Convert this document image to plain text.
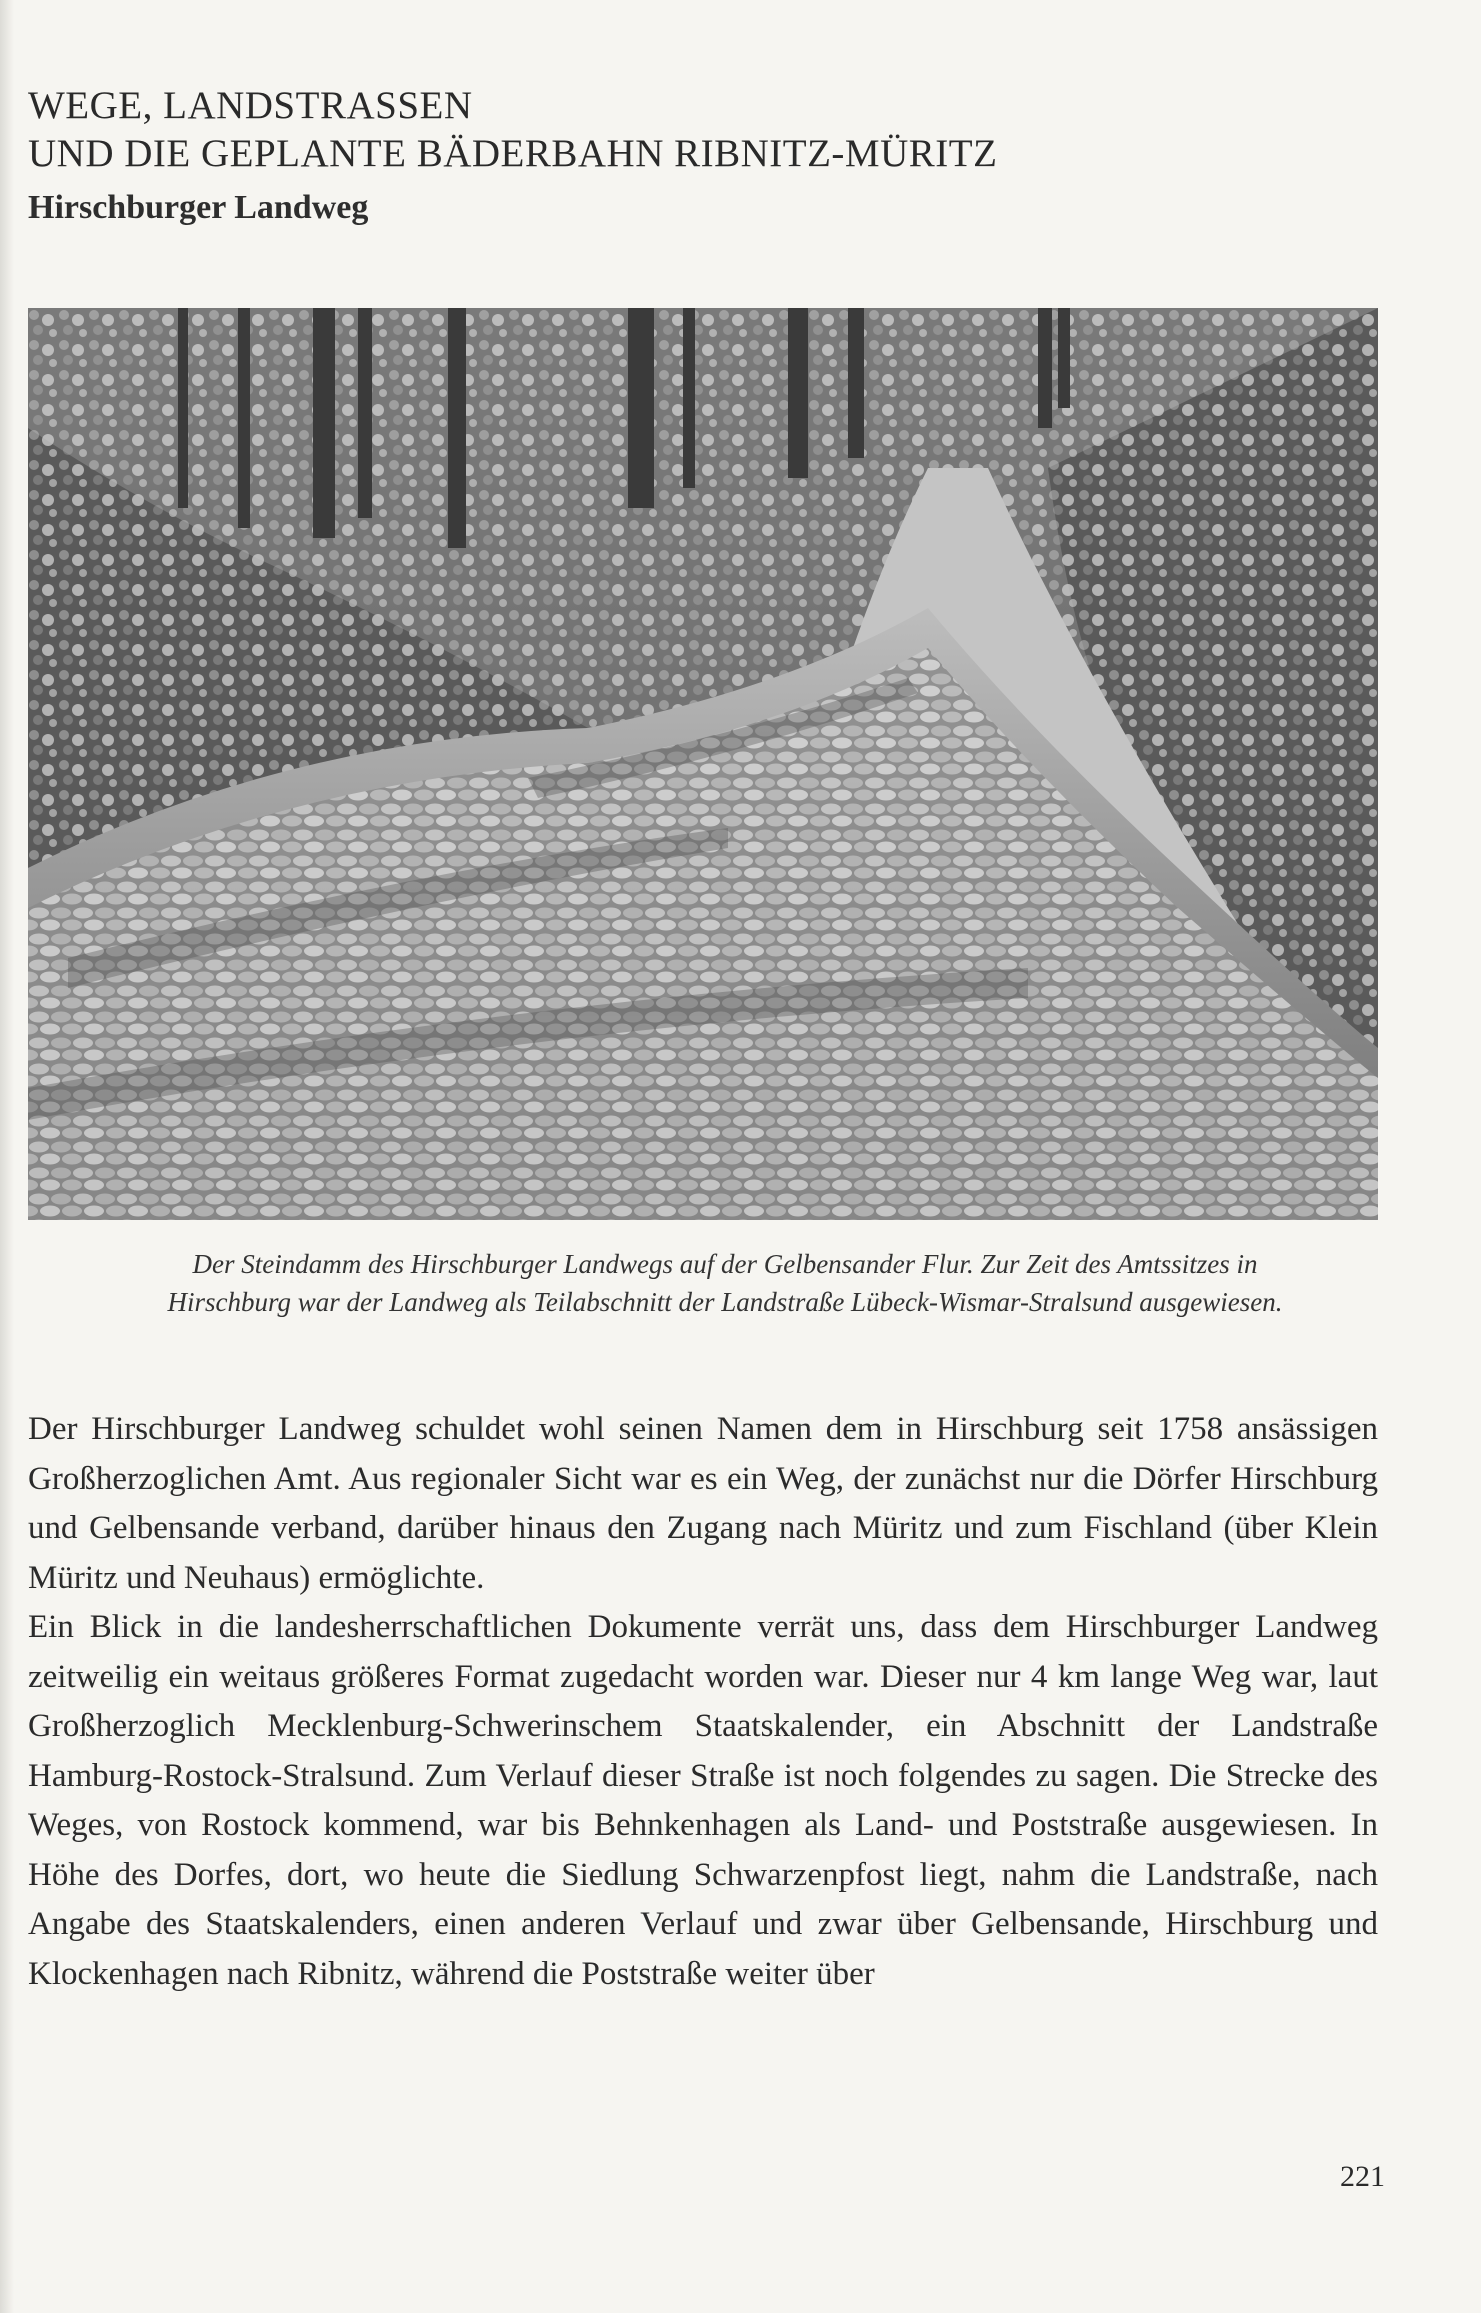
WEGE, LANDSTRASSEN
UND DIE GEPLANTE BÄDERBAHN RIBNITZ-MÜRITZ
Hirschburger Landweg
Der Steindamm des Hirschburger Landwegs auf der Gelbensander Flur. Zur Zeit des Amtssitzes in
Hirschburg war der Landweg als Teilabschnitt der Landstraße Lübeck-Wismar-Stralsund ausgewiesen.

Der Hirschburger Landweg schuldet wohl seinen Namen dem in Hirschburg seit 1758 ansässigen Großherzoglichen Amt. Aus regionaler Sicht war es ein Weg, der zunächst nur die Dörfer Hirschburg und Gelbensande verband, darüber hinaus den Zugang nach Müritz und zum Fischland (über Klein Müritz und Neuhaus) ermöglichte.

Ein Blick in die landesherrschaftlichen Dokumente verrät uns, dass dem Hirschburger Landweg zeitweilig ein weitaus größeres Format zugedacht worden war. Dieser nur 4 km lange Weg war, laut Großherzoglich Mecklenburg-Schwerinschem Staatskalender, ein Abschnitt der Landstraße Hamburg-Rostock-Stralsund. Zum Verlauf dieser Straße ist noch folgendes zu sagen. Die Strecke des Weges, von Rostock kommend, war bis Behnkenhagen als Land- und Poststraße ausgewiesen. In Höhe des Dorfes, dort, wo heute die Siedlung Schwarzenpfost liegt, nahm die Landstraße, nach Angabe des Staatskalenders, einen anderen Verlauf und zwar über Gelbensande, Hirschburg und Klockenhagen nach Ribnitz, während die Poststraße weiter über

221
